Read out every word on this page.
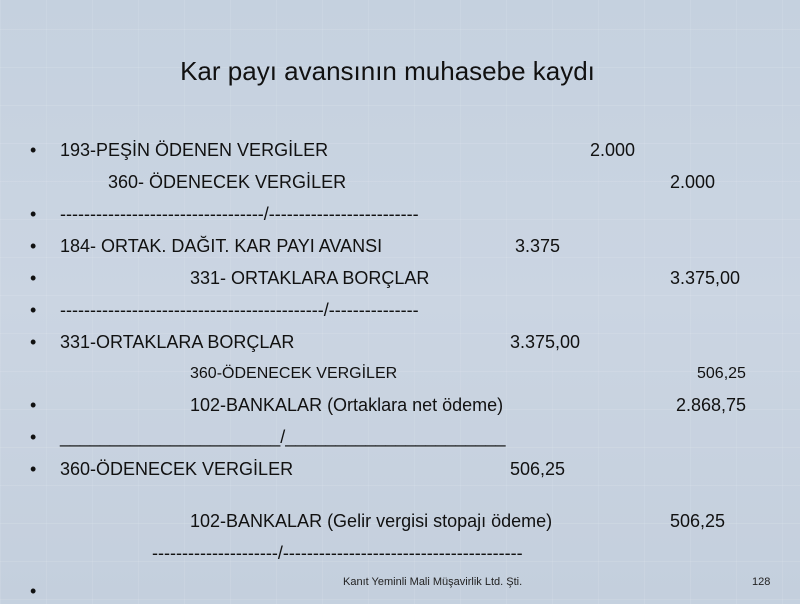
Kar payı avansının muhasebe kaydı
• 193-PEŞİN ÖDENEN VERGİLER	2.000
360- ÖDENECEK VERGİLER	2.000
• ----------------------------------/-------------------------
• 184- ORTAK. DAĞIT. KAR PAYI AVANSI	3.375
•	331- ORTAKLARA BORÇLAR	3.375,00
• --------------------------------------------/---------------
• 331-ORTAKLARA BORÇLAR	3.375,00
360-ÖDENECEK VERGİLER	506,25
•	102-BANKALAR (Ortaklara net ödeme)	2.868,75
• ______________________/______________________
• 360-ÖDENECEK VERGİLER	506,25
102-BANKALAR (Gelir vergisi stopajı ödeme)	506,25
---------------------/----------------------------------------
•	Kanıt Yeminli Mali Müşavirlik Ltd. Şti.	128
